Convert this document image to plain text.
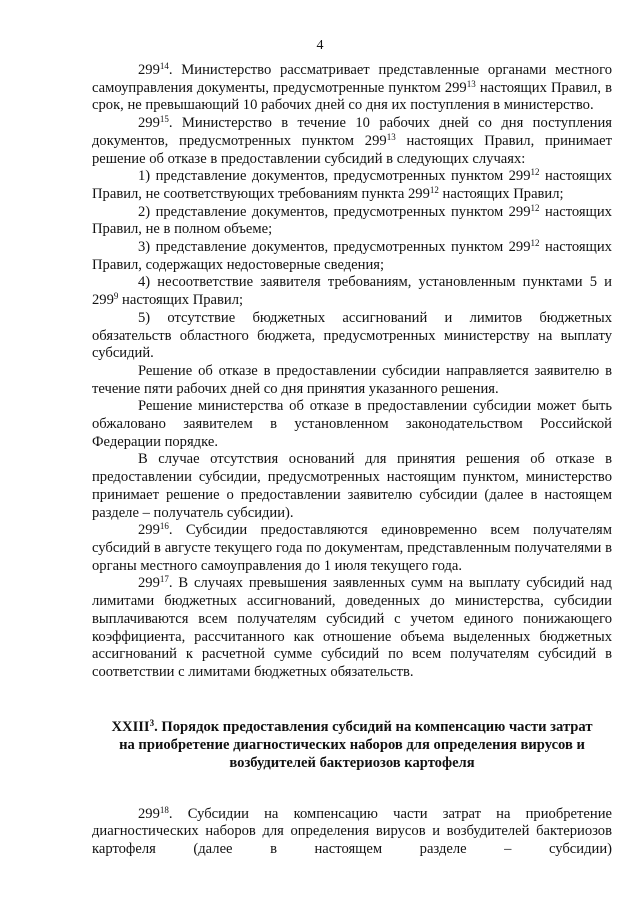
4

$299^{14}$. Министерство рассматривает представленные органами местного самоуправления документы, предусмотренные пунктом $299^{13}$ настоящих Правил, в срок, не превышающий 10 рабочих дней со дня их поступления в министерство.

$299^{15}$. Министерство в течение 10 рабочих дней со дня поступления документов, предусмотренных пунктом $299^{13}$ настоящих Правил, принимает решение об отказе в предоставлении субсидий в следующих случаях:

1) представление документов, предусмотренных пунктом $299^{12}$ настоящих Правил, не соответствующих требованиям пункта $299^{12}$ настоящих Правил;

2) представление документов, предусмотренных пунктом $299^{12}$ настоящих Правил, не в полном объеме;

3) представление документов, предусмотренных пунктом $299^{12}$ настоящих Правил, содержащих недостоверные сведения;

4) несоответствие заявителя требованиям, установленным пунктами 5 и $299^9$ настоящих Правил;

5) отсутствие бюджетных ассигнований и лимитов бюджетных обязательств областного бюджета, предусмотренных министерству на выплату субсидий.

Решение об отказе в предоставлении субсидии направляется заявителю в течение пяти рабочих дней со дня принятия указанного решения.

Решение министерства об отказе в предоставлении субсидии может быть обжаловано заявителем в установленном законодательством Российской Федерации порядке.

В случае отсутствия оснований для принятия решения об отказе в предоставлении субсидии, предусмотренных настоящим пунктом, министерство принимает решение о предоставлении заявителю субсидии (далее в настоящем разделе – получатель субсидии).

$299^{16}$. Субсидии предоставляются единовременно всем получателям субсидий в августе текущего года по документам, представленным получателями в органы местного самоуправления до 1 июля текущего года.

$299^{17}$. В случаях превышения заявленных сумм на выплату субсидий над лимитами бюджетных ассигнований, доведенных до министерства, субсидии выплачиваются всем получателям субсидий с учетом единого понижающего коэффициента, рассчитанного как отношение объема выделенных бюджетных ассигнований к расчетной сумме субсидий по всем получателям субсидий в соответствии с лимитами бюджетных обязательств.

XXIII$^3$. Порядок предоставления субсидий на компенсацию части затрат на приобретение диагностических наборов для определения вирусов и возбудителей бактериозов картофеля

$299^{18}$. Субсидии на компенсацию части затрат на приобретение диагностических наборов для определения вирусов и возбудителей бактериозов картофеля (далее в настоящем разделе – субсидии)
